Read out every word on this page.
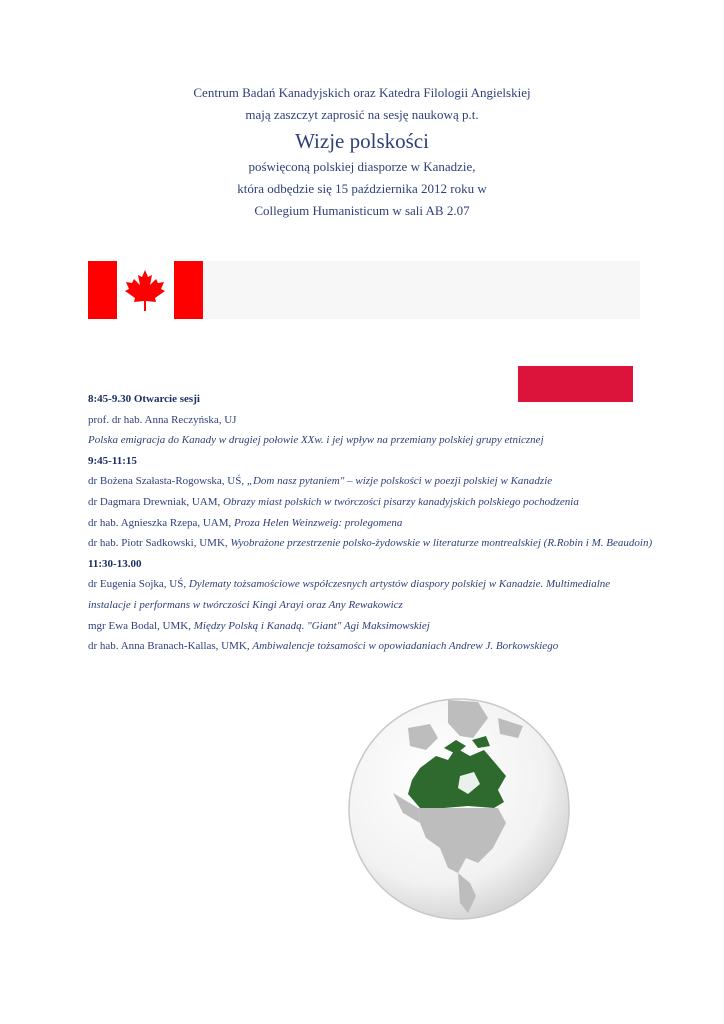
Centrum Badań Kanadyjskich oraz Katedra Filologii Angielskiej
mają zaszczyt zaprosić na sesję naukową p.t.
Wizje polskości
poświęconą polskiej diasporze w Kanadzie,
która odbędzie się 15 października 2012 roku w
Collegium Humanisticum w sali AB 2.07
8:45-9.30 Otwarcie sesji
prof. dr hab. Anna Reczyńska, UJ
Polska emigracja do Kanady w drugiej połowie XXw. i jej wpływ na przemiany polskiej grupy etnicznej
9:45-11:15
dr Bożena Szałasta-Rogowska, UŚ, „Dom nasz pytaniem" – wizje polskości w poezji polskiej w Kanadzie
dr Dagmara Drewniak, UAM, Obrazy miast polskich w twórczości pisarzy kanadyjskich polskiego pochodzenia
dr hab. Agnieszka Rzepa, UAM, Proza Helen Weinzweig: prolegomena
dr hab. Piotr Sadkowski, UMK, Wyobrażone przestrzenie polsko-żydowskie w literaturze montrealskiej (R.Robin i M. Beaudoin)
11:30-13.00
dr Eugenia Sojka, UŚ, Dylematy tożsamościowe współczesnych artystów diaspory polskiej w Kanadzie. Multimedialne instalacje i performans w twórczości Kingi Arayi oraz Any Rewakowicz
mgr Ewa Bodal, UMK, Między Polską i Kanadą. "Giant" Agi Maksimowskiej
dr hab. Anna Branach-Kallas, UMK, Ambiwalencje tożsamości w opowiadaniach Andrew J. Borkowskiego
